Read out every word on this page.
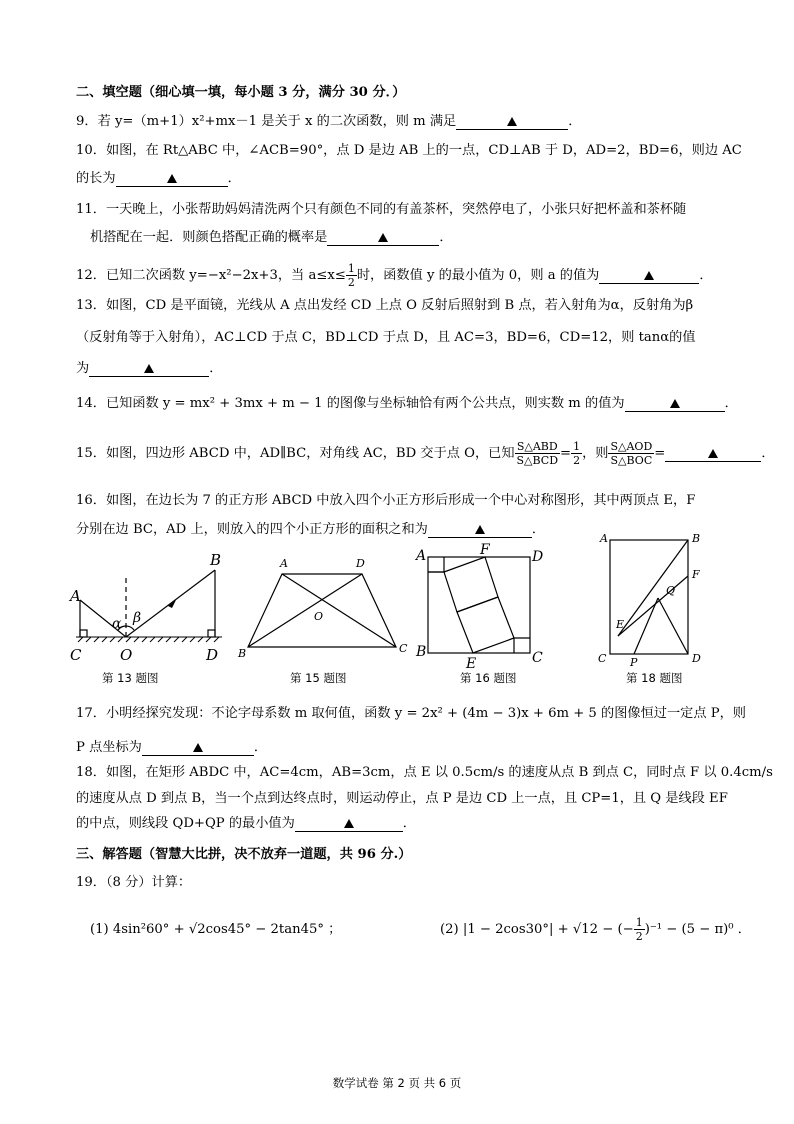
二、填空题（细心填一填，每小题 3 分，满分 30 分．）
9．若 y=（m+1）x²+mx－1 是关于 x 的二次函数，则 m 满足	．
10．如图，在 Rt△ABC 中，∠ACB=90°，点 D 是边 AB 上的一点，CD⊥AB 于 D，AD=2，BD=6，则边 AC
的长为	．
11．一天晚上，小张帮助妈妈清洗两个只有颜色不同的有盖茶杯，突然停电了，小张只好把杯盖和茶杯随
机搭配在一起．则颜色搭配正确的概率是	．
12．已知二次函数 y=−x²−2x+3，当 $a\le x\le \frac{1}{2}$ 时，函数值 y 的最小值为 0，则 a 的值为	．
13．如图，CD 是平面镜，光线从 A 点出发经 CD 上点 O 反射后照射到 B 点，若入射角为α，反射角为β
（反射角等于入射角），AC⊥CD 于点 C，BD⊥CD 于点 D，且 AC=3，BD=6，CD=12，则 tanα的值
为	．
14．已知函数 y = mx² + 3mx + m − 1 的图像与坐标轴恰有两个公共点，则实数 m 的值为	．
15．如图，四边形 ABCD 中，AD∥BC，对角线 AC，BD 交于点 O，已知 $\frac{\text{S△ABD}}{\text{S△BCD}} = \frac{1}{2}$ ，则 $\frac{\text{S△AOD}}{\text{S△BOC}}$ =	．
16．如图，在边长为 7 的正方形 ABCD 中放入四个小正方形后形成一个中心对称图形，其中两顶点 E，F
分别在边 BC，AD 上，则放入的四个小正方形的面积之和为	．
A
B
C	O	D
α β
第 13 题图
A	D
O
B	C
第 15 题图
A	F	D
B
E	C
第 16 题图
A	B
F
Q
E
C P	D
第 18 题图
17．小明经探究发现：不论字母系数 m 取何值，函数 y = 2x² + (4m − 3)x + 6m + 5 的图像恒过一定点 P，则
P 点坐标为	．
18．如图，在矩形 ABDC 中，AC=4cm，AB=3cm，点 E 以 0.5cm/s 的速度从点 B 到点 C，同时点 F 以 0.4cm/s
的速度从点 D 到点 B，当一个点到达终点时，则运动停止，点 P 是边 CD 上一点，且 CP=1，且 Q 是线段 EF
的中点，则线段 QD+QP 的最小值为	．
三、解答题（智慧大比拼，决不放弃一道题，共 96 分.）
19．（8 分）计算：
(1) 4sin²60° + √2cos45° − 2tan45° ；	(2) |1 − 2cos30°| + √12 − (− $\frac{1}{2} )^{-1} - (5 - \pi)^0$ ．
数学试卷 第 2 页 共 6 页
